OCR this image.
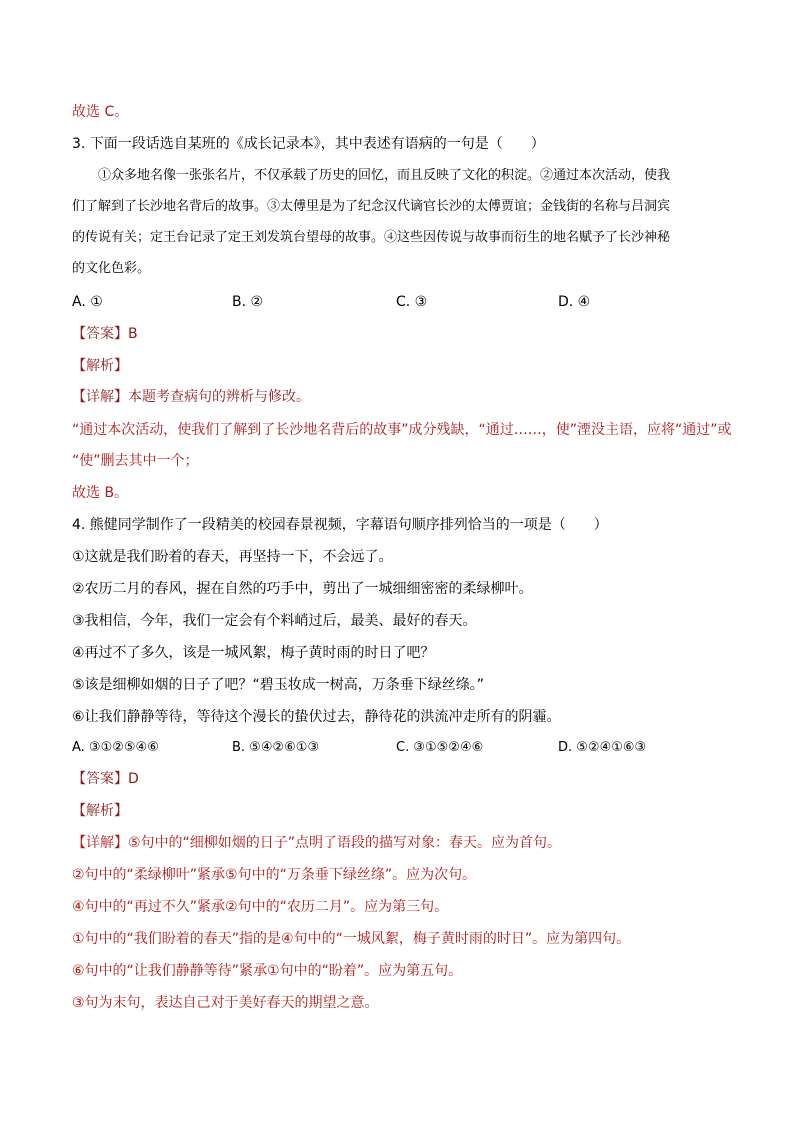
故选 C。
3. 下面一段话选自某班的《成长记录本》，其中表述有语病的一句是（　　）
　　①众多地名像一张张名片，不仅承载了历史的回忆，而且反映了文化的积淀。②通过本次活动，使我
们了解到了长沙地名背后的故事。③太傅里是为了纪念汉代谪官长沙的太傅贾谊；金钱街的名称与吕洞宾
的传说有关；定王台记录了定王刘发筑台望母的故事。④这些因传说与故事而衍生的地名赋予了长沙神秘
的文化色彩。
A. ①	B. ②	C. ③	D. ④
【答案】B
【解析】
【详解】本题考查病句的辨析与修改。
“通过本次活动，使我们了解到了长沙地名背后的故事”成分残缺，“通过……，使”湮没主语，应将“通过”或
“使”删去其中一个；
故选 B。
4. 熊健同学制作了一段精美的校园春景视频，字幕语句顺序排列恰当的一项是（　　）
①这就是我们盼着的春天，再坚持一下，不会远了。
②农历二月的春风，握在自然的巧手中，剪出了一城细细密密的柔绿柳叶。
③我相信，今年，我们一定会有个料峭过后，最美、最好的春天。
④再过不了多久，该是一城风絮，梅子黄时雨的时日了吧？
⑤该是细柳如烟的日子了吧？“碧玉妆成一树高，万条垂下绿丝绦。”
⑥让我们静静等待，等待这个漫长的蛰伏过去，静待花的洪流冲走所有的阴霾。
A. ③①②⑤④⑥	B. ⑤④②⑥①③	C. ③①⑤②④⑥	D. ⑤②④①⑥③
【答案】D
【解析】
【详解】⑤句中的“细柳如烟的日子”点明了语段的描写对象：春天。应为首句。
②句中的“柔绿柳叶”紧承⑤句中的“万条垂下绿丝绦”。应为次句。
④句中的“再过不久”紧承②句中的“农历二月”。应为第三句。
①句中的“我们盼着的春天”指的是④句中的“一城风絮，梅子黄时雨的时日”。应为第四句。
⑥句中的“让我们静静等待”紧承①句中的“盼着”。应为第五句。
③句为末句，表达自己对于美好春天的期望之意。
